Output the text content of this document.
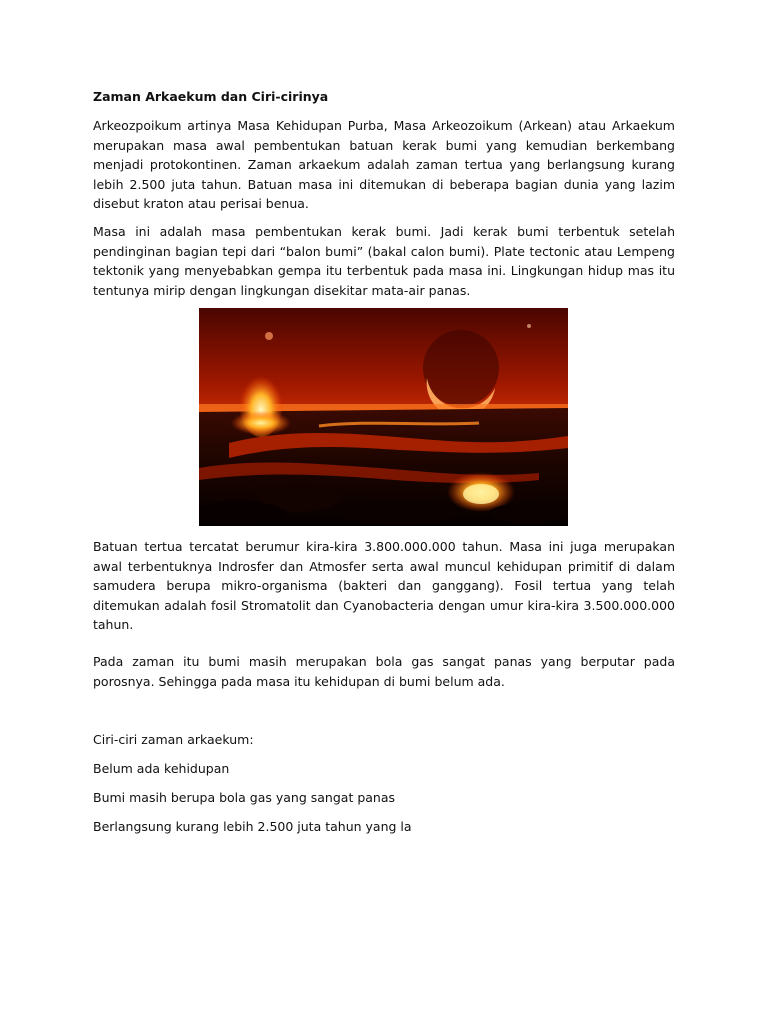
Zaman Arkaekum dan Ciri-cirinya

Arkeozpoikum artinya Masa Kehidupan Purba, Masa Arkeozoikum (Arkean) atau Arkaekum merupakan masa awal pembentukan batuan kerak bumi yang kemudian berkembang menjadi protokontinen. Zaman arkaekum adalah zaman tertua yang berlangsung kurang lebih 2.500 juta tahun. Batuan masa ini ditemukan di beberapa bagian dunia yang lazim disebut kraton atau perisai benua.

Masa ini adalah masa pembentukan kerak bumi. Jadi kerak bumi terbentuk setelah pendinginan bagian tepi dari “balon bumi” (bakal calon bumi). Plate tectonic atau Lempeng tektonik yang menyebabkan gempa itu terbentuk pada masa ini. Lingkungan hidup mas itu tentunya mirip dengan lingkungan disekitar mata-air panas.

Batuan tertua tercatat berumur kira-kira 3.800.000.000 tahun. Masa ini juga merupakan awal terbentuknya Indrosfer dan Atmosfer serta awal muncul kehidupan primitif di dalam samudera berupa mikro-organisma (bakteri dan ganggang). Fosil tertua yang telah ditemukan adalah fosil Stromatolit dan Cyanobacteria dengan umur kira-kira 3.500.000.000 tahun.

Pada zaman itu bumi masih merupakan bola gas sangat panas yang berputar pada porosnya. Sehingga pada masa itu kehidupan di bumi belum ada.

Ciri-ciri zaman arkaekum:
Belum ada kehidupan
Bumi masih berupa bola gas yang sangat panas
Berlangsung kurang lebih 2.500 juta tahun yang la
